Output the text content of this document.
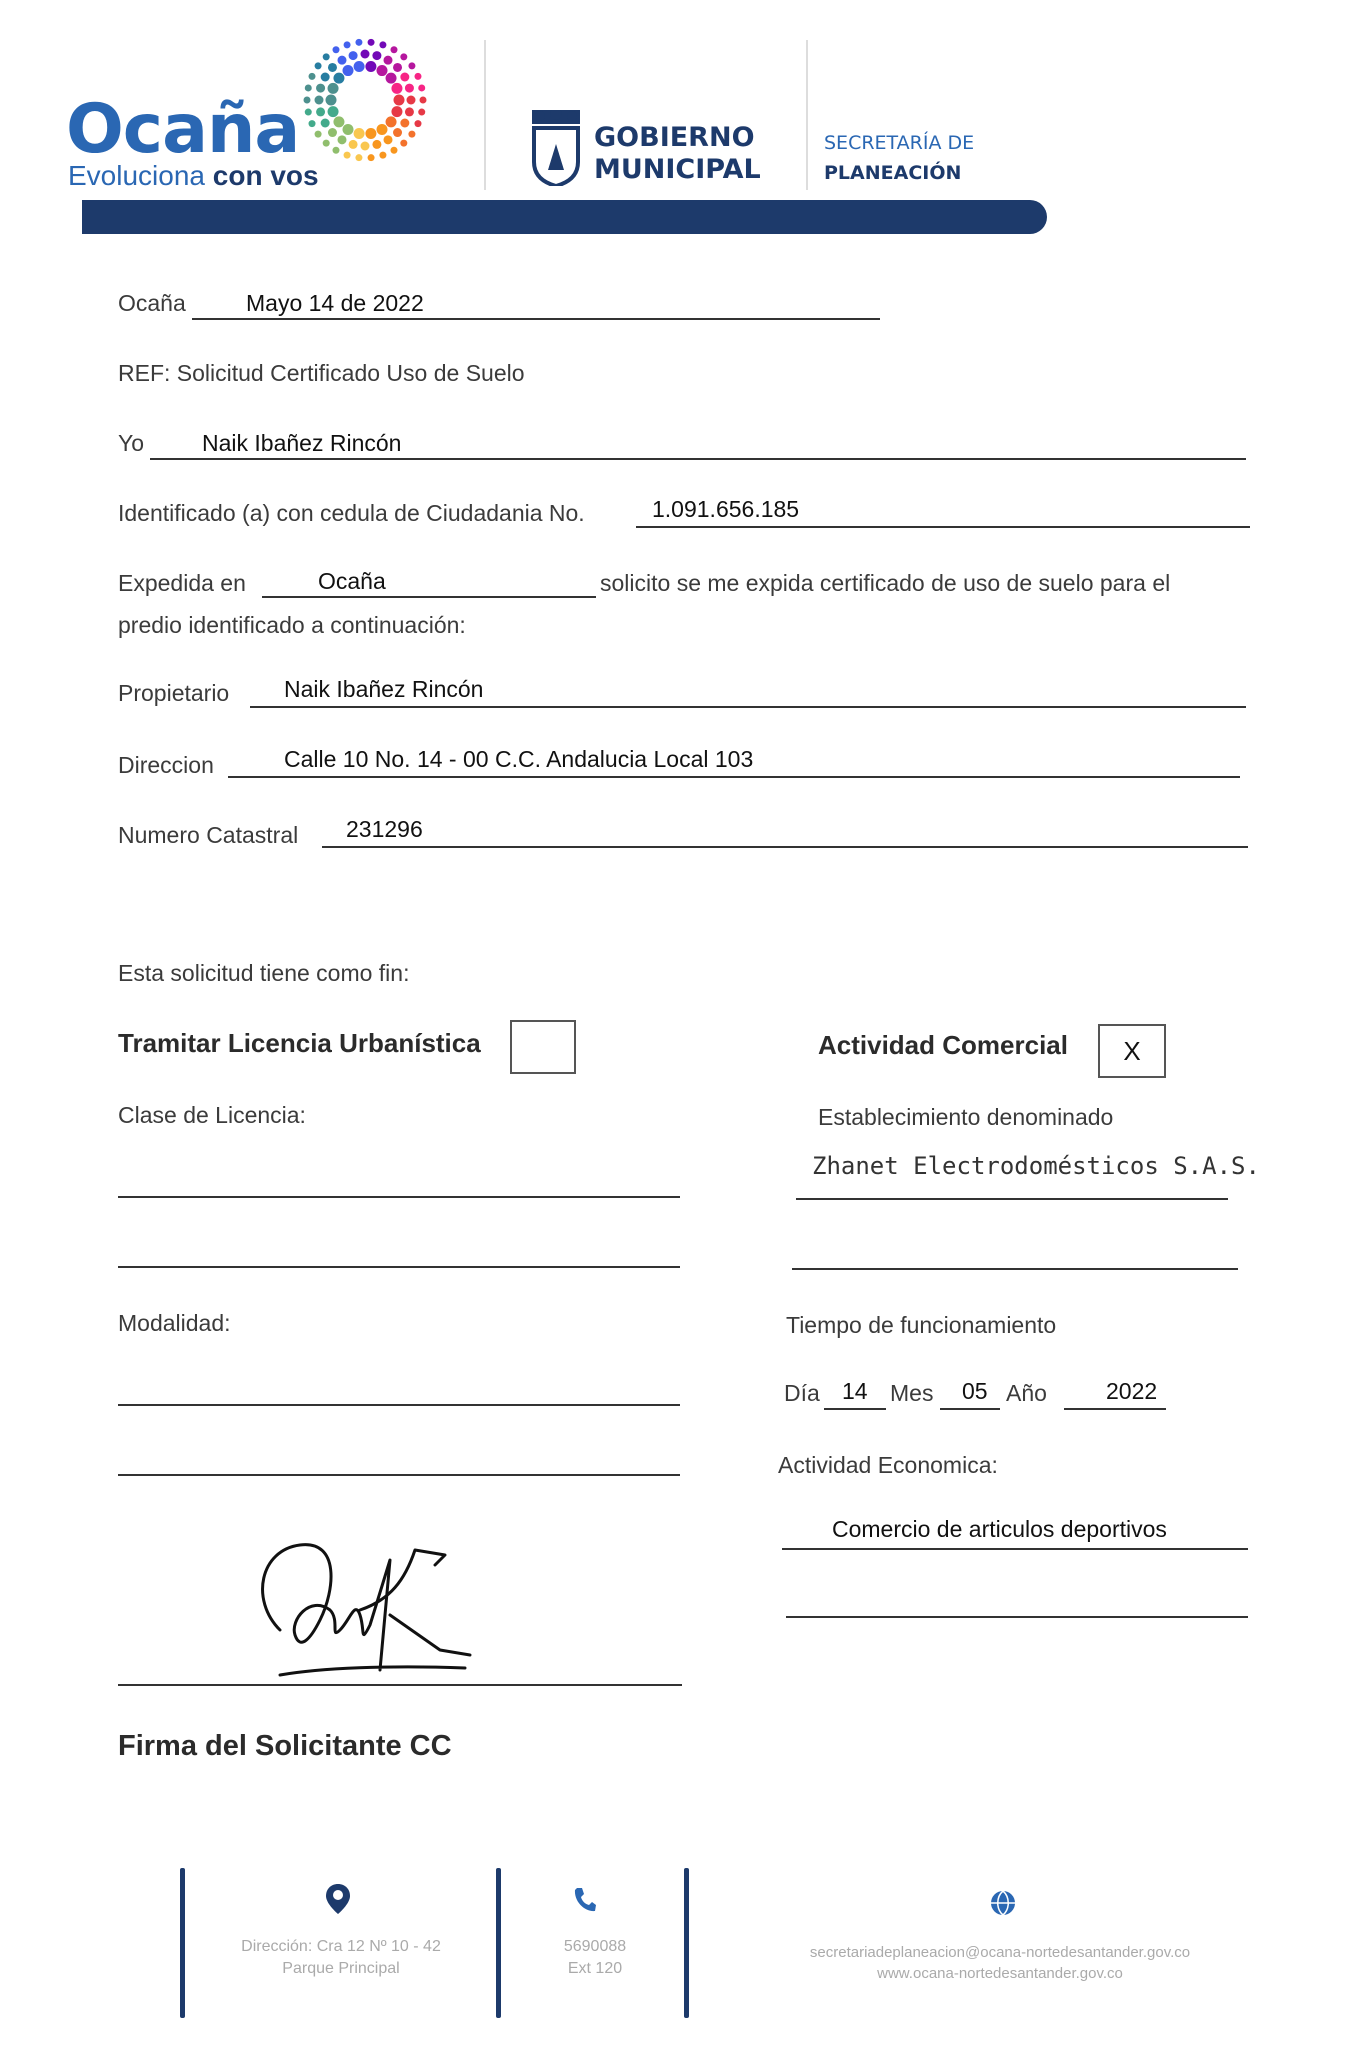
Ocaña
Evoluciona con vos
GOBIERNO
MUNICIPAL
SECRETARÍA DE
PLANEACIÓN
Ocaña	Mayo 14 de 2022
REF: Solicitud Certificado Uso de Suelo
Yo	Naik Ibañez Rincón
Identificado (a) con cedula de Ciudadania No.	1.091.656.185
Expedida en	Ocaña	solicito se me expida certificado de uso de suelo para el
predio identificado a continuación:
Propietario Naik Ibañez Rincón
Direccion	Calle 10 No. 14 - 00 C.C. Andalucia Local 103
Numero Catastral 231296
Esta solicitud tiene como fin:
Tramitar Licencia Urbanística
Clase de Licencia:
Modalidad:
Firma del Solicitante CC
Actividad Comercial X
Establecimiento denominado
Zhanet Electrodomésticos S.A.S.
Tiempo de funcionamiento
Día 14 Mes 05 Año	2022
Actividad Economica:
Comercio de articulos deportivos
Dirección: Cra 12 Nº 10 - 42
Parque Principal
5690088
Ext 120
secretariadeplaneacion@ocana-nortedesantander.gov.co
www.ocana-nortedesantander.gov.co
